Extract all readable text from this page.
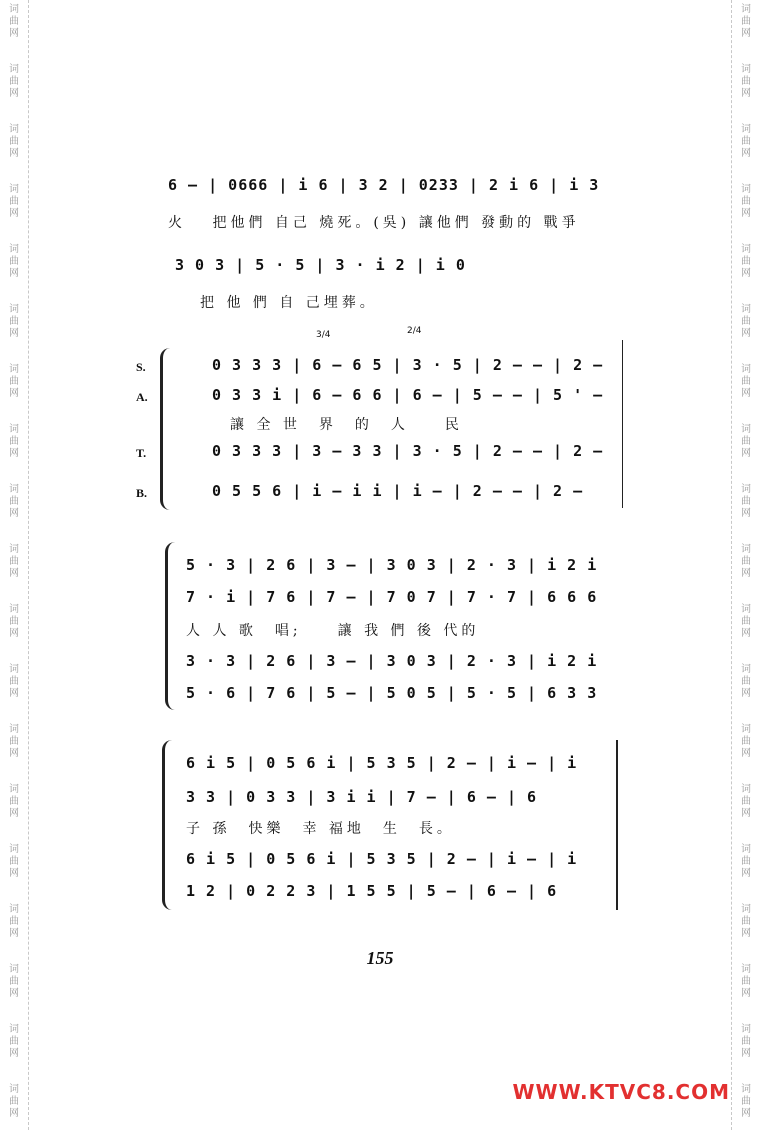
词
曲
网
词
曲
网
词
曲
网
词
曲
网
词
曲
网
词
曲
网
词
曲
网
词
曲
网
词
曲
网
词
曲
网
词
曲
网
词
曲
网
词
曲
网
词
曲
网
词
曲
网
词
曲
网
词
曲
网
词
曲
网
词
曲
网
词
曲
网
词
曲
网
词
曲
网
词
曲
网
词
曲
网
词
曲
网
词
曲
网
词
曲
网
词
曲
网
词
曲
网
词
曲
网
词
曲
网
词
曲
网
词
曲
网
词
曲
网
词
曲
网
词
曲
网
词
曲
网
词
曲
网
6 — | 0666 | i 6 | 3 2 | 0233 | 2 i 6 | i 3
火　 把他們 自己 燒死。(吳) 讓他們 發動的 戰爭
3 0 3 | 5 · 5 | 3 · i 2 | i 0
把 他 們 自 己埋葬。
3/4	2/4
S.	0 3 3 3 | 6 — 6 5 | 3 · 5 | 2 — — | 2 —
A.	0 3 3 i | 6 — 6 6 | 6 — | 5 — — | 5 ' —
讓 全 世　界　的　人　　民
T.	0 3 3 3 | 3 — 3 3 | 3 · 5 | 2 — — | 2 —
B.	0 5 5 6 | i — i i | i — | 2 — — | 2 —
5 · 3 | 2 6 | 3 — | 3 0 3 | 2 · 3 | i 2 i
7 · i | 7 6 | 7 — | 7 0 7 | 7 · 7 | 6 6 6
人 人 歌　唱;　　讓 我 們 後 代的
3 · 3 | 2 6 | 3 — | 3 0 3 | 2 · 3 | i 2 i
5 · 6 | 7 6 | 5 — | 5 0 5 | 5 · 5 | 6 3 3
6 i 5 | 0 5 6 i | 5 3 5 | 2 — | i — | i
3 3 | 0 3 3 | 3 i i | 7 — | 6 — | 6
子 孫　快樂　幸 福地　生　長。
6 i 5 | 0 5 6 i | 5 3 5 | 2 — | i — | i
1 2 | 0 2 2 3 | 1 5 5 | 5 — | 6 — | 6
155
WWW.KTVC8.COM
